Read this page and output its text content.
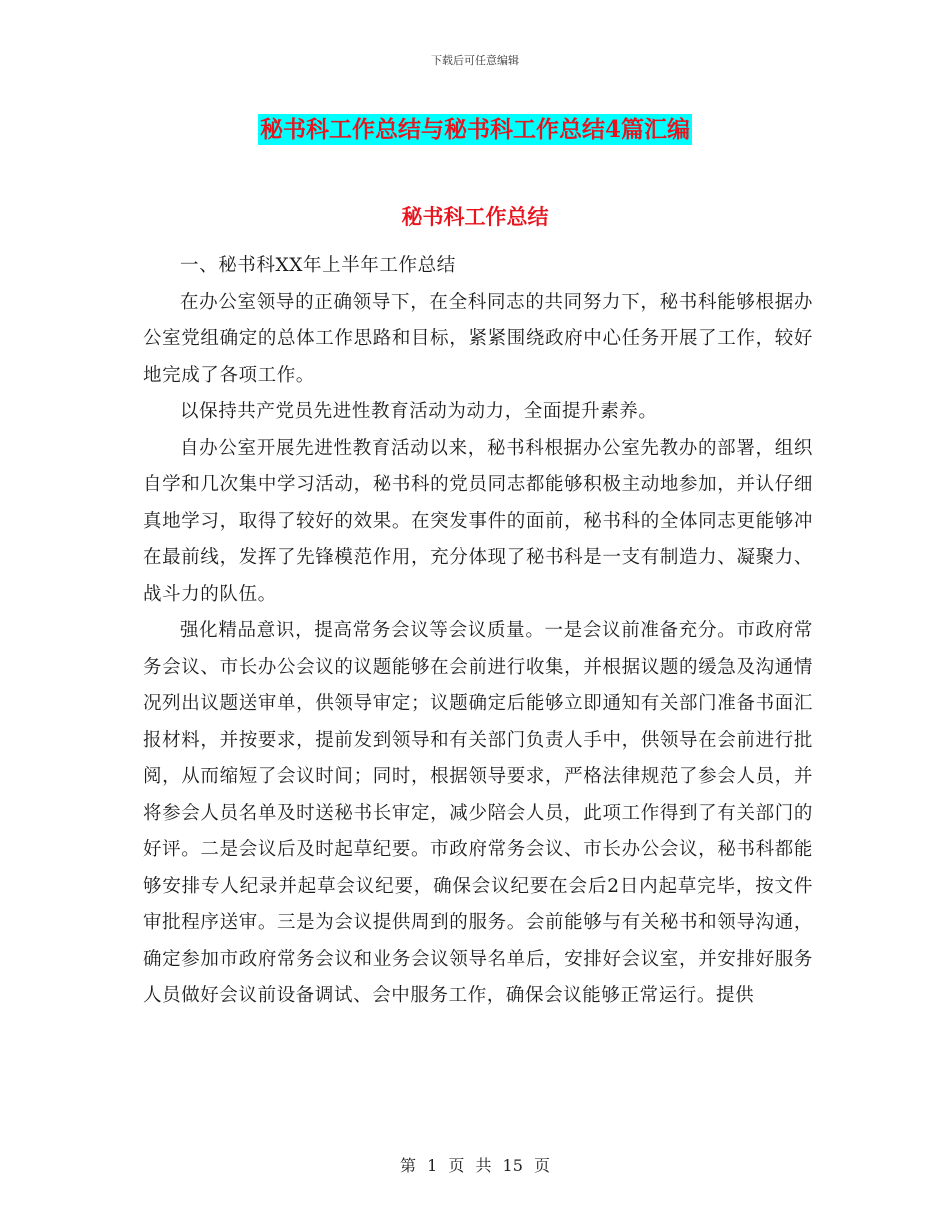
下载后可任意编辑
秘书科工作总结与秘书科工作总结4篇汇编
秘书科工作总结

一、秘书科XX年上半年工作总结

在办公室领导的正确领导下，在全科同志的共同努力下，秘书科能够根据办公室党组确定的总体工作思路和目标，紧紧围绕政府中心任务开展了工作，较好地完成了各项工作。

以保持共产党员先进性教育活动为动力，全面提升素养。

自办公室开展先进性教育活动以来，秘书科根据办公室先教办的部署，组织自学和几次集中学习活动，秘书科的党员同志都能够积极主动地参加，并认仔细真地学习，取得了较好的效果。在突发事件的面前，秘书科的全体同志更能够冲在最前线，发挥了先锋模范作用，充分体现了秘书科是一支有制造力、凝聚力、战斗力的队伍。

强化精品意识，提高常务会议等会议质量。一是会议前准备充分。市政府常务会议、市长办公会议的议题能够在会前进行收集，并根据议题的缓急及沟通情况列出议题送审单，供领导审定；议题确定后能够立即通知有关部门准备书面汇报材料，并按要求，提前发到领导和有关部门负责人手中，供领导在会前进行批阅，从而缩短了会议时间；同时，根据领导要求，严格法律规范了参会人员，并将参会人员名单及时送秘书长审定，减少陪会人员，此项工作得到了有关部门的好评。二是会议后及时起草纪要。市政府常务会议、市长办公会议，秘书科都能够安排专人纪录并起草会议纪要，确保会议纪要在会后2日内起草完毕，按文件审批程序送审。三是为会议提供周到的服务。会前能够与有关秘书和领导沟通，确定参加市政府常务会议和业务会议领导名单后，安排好会议室，并安排好服务人员做好会议前设备调试、会中服务工作，确保会议能够正常运行。提供

第 1 页 共 15 页
